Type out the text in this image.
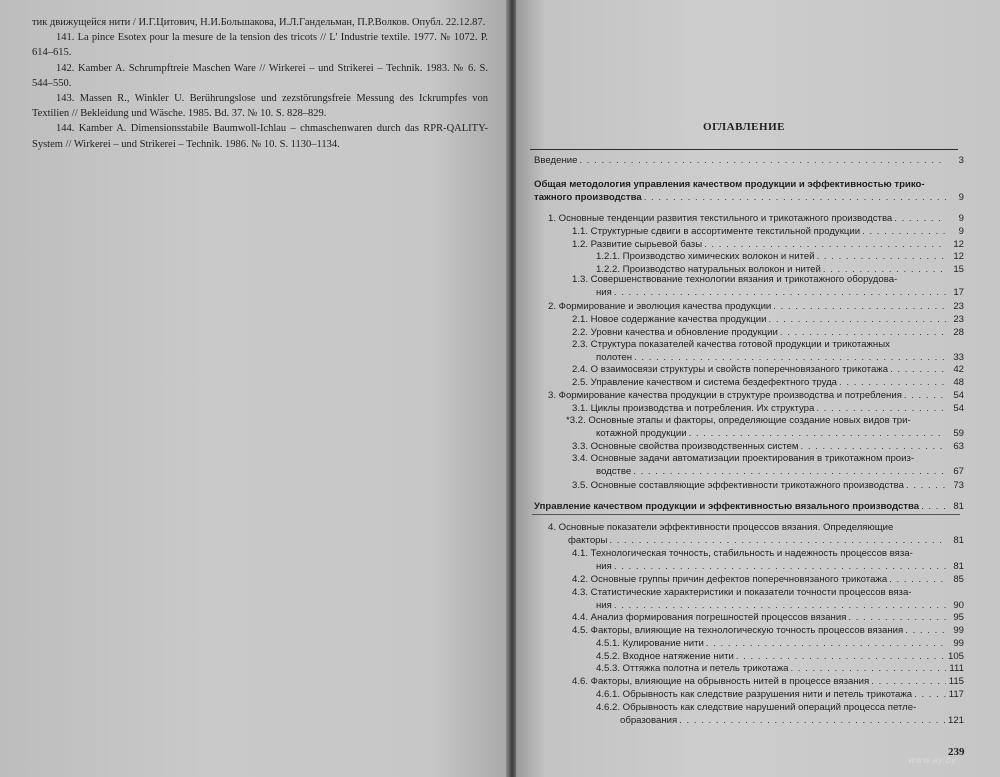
тик движущейся нити / И.Г.Цитович, Н.И.Большакова, И.Л.Гандельман, П.Р.Волков. Опубл. 22.12.87.

141. La pince Esotex pour la mesure de la tension des tricots // L' Industrie textile. 1977. № 1072. P. 614–615.

142. Kamber A. Schrumpftreie Maschen Ware // Wirkerei – und Strikerei – Technik. 1983. № 6. S. 544–550.

143. Massen R., Winkler U. Berührungslose und zezstörungsfreie Messung des Ickrumpfes von Textilien // Bekleidung und Wäsche. 1985. Bd. 37. № 10. S. 828–829.

144. Kamber A. Dimensionsstabile Baumwoll-Ichlau – chmaschenwaren durch das RPR-QALITY-System // Wirkerei – und Strikerei – Technik. 1986. № 10. S. 1130–1134.

ОГЛАВЛЕНИЕ
Введение . . .	3
Общая методология управления качеством продукции и эффективностью трико-
тажного производства . . .	9
1. Основные тенденции развития текстильного и трикотажного производства . . .	9
1.1. Структурные сдвиги в ассортименте текстильной продукции . . .	9
1.2. Развитие сырьевой базы . . .	12
1.2.1. Производство химических волокон и нитей . . .	12
1.2.2. Производство натуральных волокон и нитей . . .	15
1.3. Совершенствование технологии вязания и трикотажного оборудова-
ния . . .	17
2. Формирование и эволюция качества продукции . . .	23
2.1. Новое содержание качества продукции . . .	23
2.2. Уровни качества и обновление продукции . . .	28
2.3. Структура показателей качества готовой продукции и трикотажных
полотен . . .	33
2.4. О взаимосвязи структуры и свойств поперечновязаного трикотажа . . .	42
2.5. Управление качеством и система бездефектного труда . . .	48
3. Формирование качества продукции в структуре производства и потребления . . .	54
3.1. Циклы производства и потребления. Их структура . . .	54
*3.2. Основные этапы и факторы, определяющие создание новых видов три-
котажной продукции . . .	59
3.3. Основные свойства производственных систем . . .	63
3.4. Основные задачи автоматизации проектирования в трикотажном произ-
водстве . . .	67
3.5. Основные составляющие эффективности трикотажного производства . . .	73
Управление качеством продукции и эффективностью вязального производства . . .	81
4. Основные показатели эффективности процессов вязания. Определяющие
факторы . . .	81
4.1. Технологическая точность, стабильность и надежность процессов вяза-
ния . . .	81
4.2. Основные группы причин дефектов поперечновязаного трикотажа . . .	85
4.3. Статистические характеристики и показатели точности процессов вяза-
ния . . .	90
4.4. Анализ формирования погрешностей процессов вязания . . .	95
4.5. Факторы, влияющие на технологическую точность процессов вязания . . .	99
4.5.1. Кулирование нити . . .	99
4.5.2. Входное натяжение нити . . .	105
4.5.3. Оттяжка полотна и петель трикотажа . . .	111
4.6. Факторы, влияющие на обрывность нитей в процессе вязания . . .	115
4.6.1. Обрывность как следствие разрушения нити и петель трикотажа . . .	117
4.6.2. Обрывность как следствие нарушений операций процесса петле-
образования . . .	121
239
www.ay.by
